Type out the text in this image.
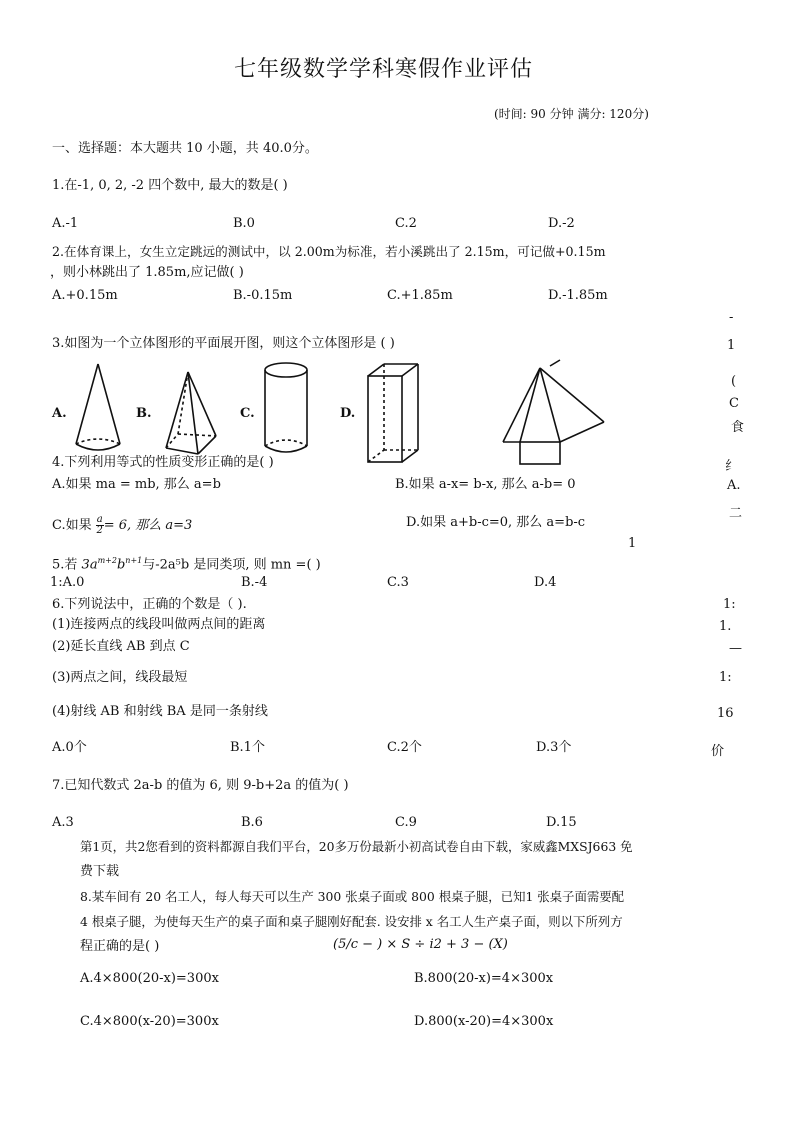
七年级数学学科寒假作业评估
(时间: 90 分钟 满分: 120分)
一、选择题：本大题共 10 小题，共 40.0分。
1.在-1, 0, 2, -2 四个数中, 最大的数是( )
A.-1	B.0	C.2	D.-2
2.在体育课上，女生立定跳远的测试中，以 2.00m为标准，若小溪跳出了 2.15m，可记做+0.15m
，则小林跳出了 1.85m,应记做( )
A.+0.15m	B.-0.15m	C.+1.85m	D.-1.85m
3.如图为一个立体图形的平面展开图，则这个立体图形是 ( )
A.	B.	C.	D.
4.下列利用等式的性质变形正确的是( )
A.如果 ma = mb, 那么 a=b	B.如果 a-x= b-x, 那么 a-b= 0
C.如果 $\frac{a}{2} = 6$, 那么 a=3	D.如果 a+b-c=0, 那么 a=b-c
5.若 $3a^{m+2}b^{n+1}$与-2a⁵b 是同类项, 则 mn =( )
1:A.0	B.-4	C.3	D.4
6.下列说法中，正确的个数是（ ).
(1)连接两点的线段叫做两点间的距离
(2)延长直线 AB 到点 C
(3)两点之间，线段最短
(4)射线 AB 和射线 BA 是同一条射线
A.0个	B.1个	C.2个	D.3个
7.已知代数式 2a-b 的值为 6, 则 9-b+2a 的值为( )
A.3	B.6	C.9	D.15
第1页，共2您看到的资料都源自我们平台，20多万份最新小初高试卷自由下载，家威鑫MXSJ663 免
费下载
8.某车间有 20 名工人，每人每天可以生产 300 张桌子面或 800 根桌子腿，已知1 张桌子面需要配
4 根桌子腿，为使每天生产的桌子面和桌子腿刚好配套. 设安排 x 名工人生产桌子面，则以下所列方
程正确的是( )	(5/c − ) × S ÷ i2 + 3 − (X)
A.4×800(20-x)=300x	B.800(20-x)=4×300x
C.4×800(x-20)=300x	D.800(x-20)=4×300x
-
1
(
C
食
纟
A.
二
1
1:
1.
—
1:
16
价
